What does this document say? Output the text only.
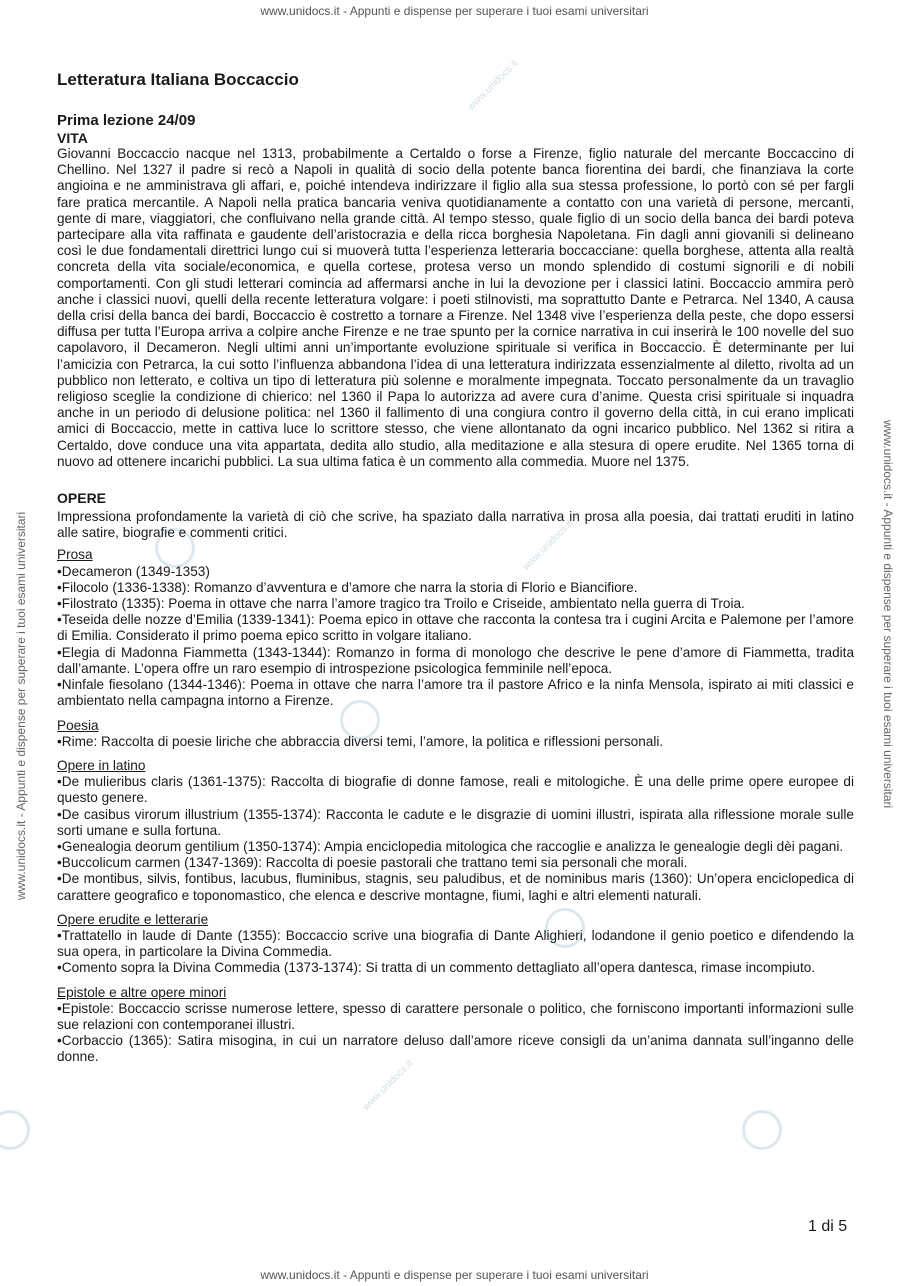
www.unidocs.it - Appunti e dispense per superare i tuoi esami universitari
www.unidocs.it - Appunti e dispense per superare i tuoi esami universitari
www.unidocs.it - Appunti e dispense per superare i tuoi esami universitari	www.unidocs.it - Appunti e dispense per superare i tuoi esami universitari
www.unidocs.it
www.unidocs.it
www.unidocs.it
Letteratura Italiana Boccaccio
Prima lezione 24/09
VITA

Giovanni Boccaccio nacque nel 1313, probabilmente a Certaldo o forse a Firenze, figlio naturale del mercante Boccaccino di Chellino. Nel 1327 il padre si recò a Napoli in qualità di socio della potente banca fiorentina dei bardi, che finanziava la corte angioina e ne amministrava gli affari, e, poiché intendeva indirizzare il figlio alla sua stessa professione, lo portò con sé per fargli fare pratica mercantile. A Napoli nella pratica bancaria veniva quotidianamente a contatto con una varietà di persone, mercanti, gente di mare, viaggiatori, che confluivano nella grande città. Al tempo stesso, quale figlio di un socio della banca dei bardi poteva partecipare alla vita raffinata e gaudente dell’aristocrazia e della ricca borghesia Napoletana. Fin dagli anni giovanili si delineano così le due fondamentali direttrici lungo cui si muoverà tutta l’esperienza letteraria boccacciane: quella borghese, attenta alla realtà concreta della vita sociale/economica, e quella cortese, protesa verso un mondo splendido di costumi signorili e di nobili comportamenti. Con gli studi letterari comincia ad affermarsi anche in lui la devozione per i classici latini. Boccaccio ammira però anche i classici nuovi, quelli della recente letteratura volgare: i poeti stilnovisti, ma soprattutto Dante e Petrarca. Nel 1340, A causa della crisi della banca dei bardi, Boccaccio è costretto a tornare a Firenze. Nel 1348 vive l’esperienza della peste, che dopo essersi diffusa per tutta l’Europa arriva a colpire anche Firenze e ne trae spunto per la cornice narrativa in cui inserirà le 100 novelle del suo capolavoro, il Decameron. Negli ultimi anni un’importante evoluzione spirituale si verifica in Boccaccio. È determinante per lui l’amicizia con Petrarca, la cui sotto l’influenza abbandona l’idea di una letteratura indirizzata essenzialmente al diletto, rivolta ad un pubblico non letterato, e coltiva un tipo di letteratura più solenne e moralmente impegnata. Toccato personalmente da un travaglio religioso sceglie la condizione di chierico: nel 1360 il Papa lo autorizza ad avere cura d’anime. Questa crisi spirituale si inquadra anche in un periodo di delusione politica: nel 1360 il fallimento di una congiura contro il governo della città, in cui erano implicati amici di Boccaccio, mette in cattiva luce lo scrittore stesso, che viene allontanato da ogni incarico pubblico. Nel 1362 si ritira a Certaldo, dove conduce una vita appartata, dedita allo studio, alla meditazione e alla stesura di opere erudite. Nel 1365 torna di nuovo ad ottenere incarichi pubblici. La sua ultima fatica è un commento alla commedia. Muore nel 1375.

OPERE

Impressiona profondamente la varietà di ciò che scrive, ha spaziato dalla narrativa in prosa alla poesia, dai trattati eruditi in latino alle satire, biografie e commenti critici.

Prosa
• Decameron (1349-1353)
• Filocolo (1336-1338): Romanzo d’avventura e d’amore che narra la storia di Florio e Biancifiore.
• Filostrato (1335): Poema in ottave che narra l’amore tragico tra Troilo e Criseide, ambientato nella guerra di Troia.
• Teseida delle nozze d’Emilia (1339-1341): Poema epico in ottave che racconta la contesa tra i cugini Arcita e Palemone per l’amore di Emilia. Considerato il primo poema epico scritto in volgare italiano.
• Elegia di Madonna Fiammetta (1343-1344): Romanzo in forma di monologo che descrive le pene d’amore di Fiammetta, tradita dall’amante. L’opera offre un raro esempio di introspezione psicologica femminile nell’epoca.
• Ninfale fiesolano (1344-1346): Poema in ottave che narra l’amore tra il pastore Africo e la ninfa Mensola, ispirato ai miti classici e ambientato nella campagna intorno a Firenze.
Poesia
• Rime: Raccolta di poesie liriche che abbraccia diversi temi, l’amore, la politica e riflessioni personali.
Opere in latino
• De mulieribus claris (1361-1375): Raccolta di biografie di donne famose, reali e mitologiche. È una delle prime opere europee di questo genere.
• De casibus virorum illustrium (1355-1374): Racconta le cadute e le disgrazie di uomini illustri, ispirata alla riflessione morale sulle sorti umane e sulla fortuna.
• Genealogia deorum gentilium (1350-1374): Ampia enciclopedia mitologica che raccoglie e analizza le genealogie degli dèi pagani.
• Buccolicum carmen (1347-1369): Raccolta di poesie pastorali che trattano temi sia personali che morali.
• De montibus, silvis, fontibus, lacubus, fluminibus, stagnis, seu paludibus, et de nominibus maris (1360): Un’opera enciclopedica di carattere geografico e toponomastico, che elenca e descrive montagne, fiumi, laghi e altri elementi naturali.
Opere erudite e letterarie
• Trattatello in laude di Dante (1355): Boccaccio scrive una biografia di Dante Alighieri, lodandone il genio poetico e difendendo la sua opera, in particolare la Divina Commedia.
• Comento sopra la Divina Commedia (1373-1374): Si tratta di un commento dettagliato all’opera dantesca, rimase incompiuto.
Epistole e altre opere minori
• Epistole: Boccaccio scrisse numerose lettere, spesso di carattere personale o politico, che forniscono importanti informazioni sulle sue relazioni con contemporanei illustri.
• Corbaccio (1365): Satira misogina, in cui un narratore deluso dall’amore riceve consigli da un’anima dannata sull’inganno delle donne.
1 di 5
